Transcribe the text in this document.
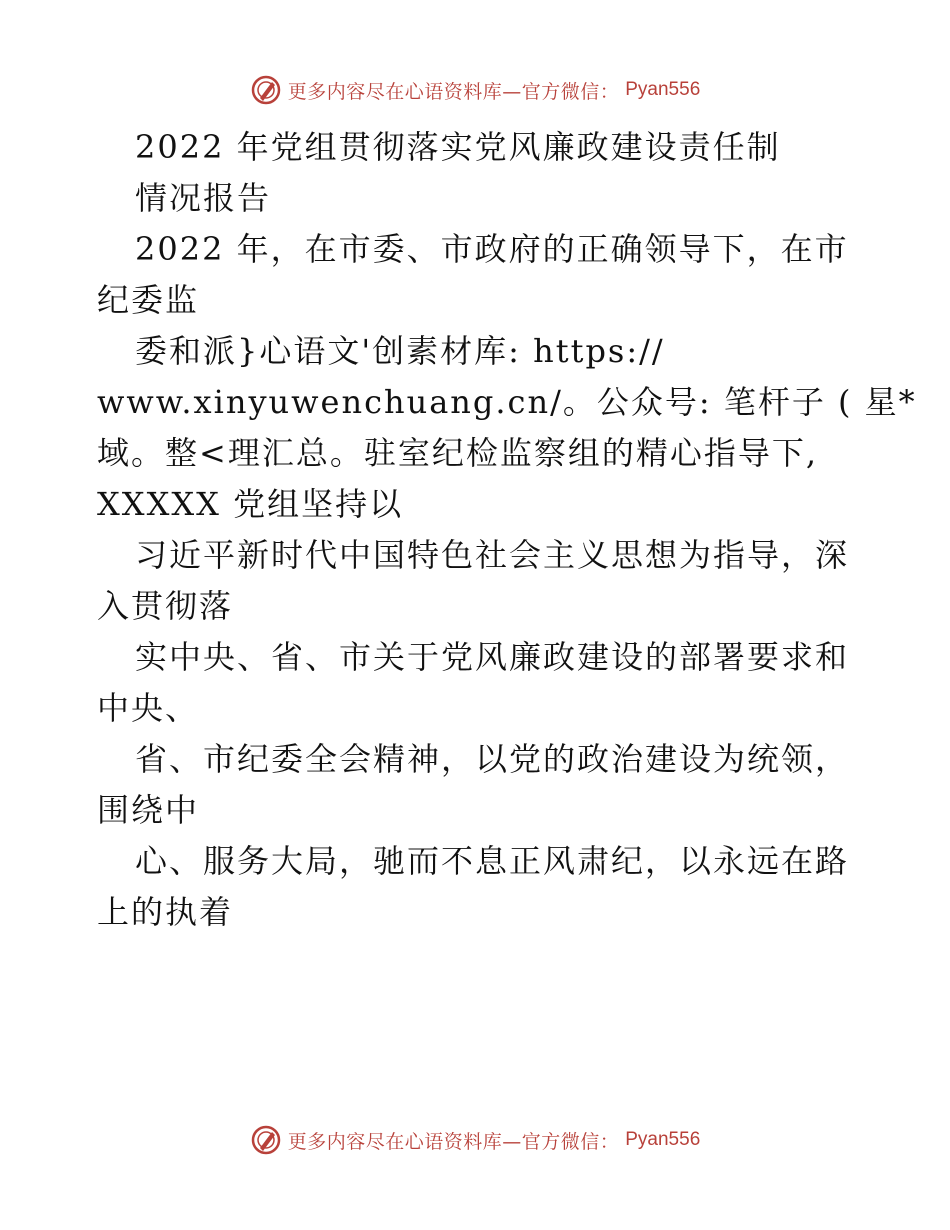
更多内容尽在心语资料库—官方微信： Pyan556
2022 年党组贯彻落实党风廉政建设责任制
情况报告
2022 年，在市委、市政府的正确领导下，在市
纪委监
委和派}心语文'创素材库: https://
www.xinyuwenchuang.cn/。公众号: 笔杆子 ( 星*
域。整<理汇总。驻室纪检监察组的精心指导下,
XXXXX 党组坚持以
习近平新时代中国特色社会主义思想为指导，深
入贯彻落
实中央、省、市关于党风廉政建设的部署要求和
中央、
省、市纪委全会精神，以党的政治建设为统领，
围绕中
心、服务大局，驰而不息正风肃纪，以永远在路
上的执着
更多内容尽在心语资料库—官方微信： Pyan556
